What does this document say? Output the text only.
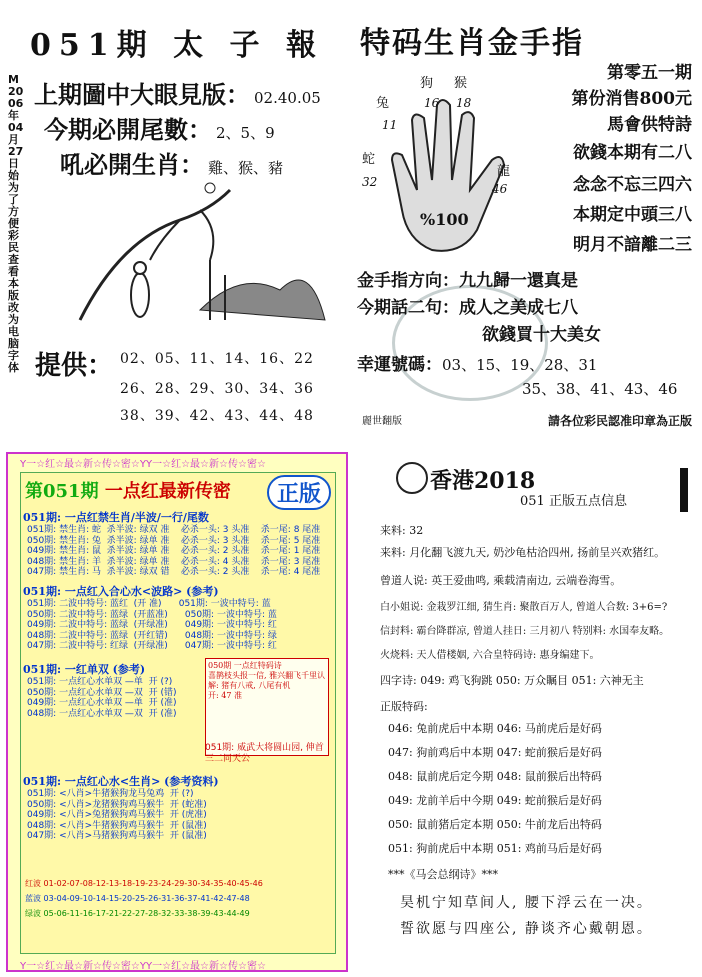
051期 太 子 報
M2006年04月27日始为了方便彩民查看本版改为电脑字体
上期圖中大眼見版： 02.40.05
今期必開尾數： 2、5、9
吼必開生肖： 雞、猴、豬
提供： 02、05、11、14、16、22
26、28、29、30、34、36
38、39、42、43、44、48
特码生肖金手指
第零五一期
第份消售800元
馬會供特詩
欲錢本期有二八
念念不忘三四六
本期定中頭三八
明月不諳離二三
狗
16
猴
18
兔
11
蛇
32
龍
46
%100
金手指方向：九九歸一還真是
今期話二句：成人之美成七八
欲錢買十大美女
幸運號碼：03、15、19、28、31
35、38、41、43、46
麗世翻版	請各位彩民認准印章為正版
Y一☆红☆最☆新☆传☆密☆YY一☆红☆最☆新☆传☆密☆
Y一☆红☆最☆新☆传☆密☆YY一☆红☆最☆新☆传☆密☆
第051期 一点红最新传密	正版
051期: 一点红禁生肖/半波/一行/尾数
051期: 禁生肖: 蛇  杀半波: 绿双 准    必杀一头: 3 头准    杀一尾: 8 尾准
050期: 禁生肖: 兔  杀半波: 绿单 准    必杀一头: 3 头准    杀一尾: 5 尾准
049期: 禁生肖: 鼠  杀半波: 绿单 准    必杀一头: 2 头准    杀一尾: 1 尾准
048期: 禁生肖: 羊  杀半波: 绿单 准    必杀一头: 4 头准    杀一尾: 3 尾准
047期: 禁生肖: 马  杀半波: 绿双 错    必杀一头: 2 头准    杀一尾: 4 尾准
051期: 一点红入合心水<波路> (参考)
051期: 二波中特号: 蓝红  (开 准)      051期: 一波中特号: 蓝
050期: 二波中特号: 蓝绿  (开蓝准)      050期: 一波中特号: 蓝
049期: 二波中特号: 蓝绿  (开绿准)      049期: 一波中特号: 红
048期: 二波中特号: 蓝绿  (开红错)      048期: 一波中特号: 绿
047期: 二波中特号: 红绿  (开绿准)      047期: 一波中特号: 红
051期: 一红单双 (参考)
051期: 一点红心水单双 —单  开 (?)
050期: 一点红心水单双 —双  开 (错)
049期: 一点红心水单双 —单  开 (准)
048期: 一点红心水单双 —双  开 (准)
050期 一点红特码诗
喜鹊枝头报一信, 雅兴翻飞千里认
解: 猪有八戒, 八尾有机
开: 47 准
051期: 威武大将圆山园, 伸首三二同天公
051期: 一点红心水<生肖> (参考资料)
051期: <八肖>牛猪猴狗龙马兔鸡  开 (?)
050期: <八肖>龙猪猴狗鸡马猴牛  开 (蛇准)
049期: <八肖>兔猪猴狗鸡马猴牛  开 (虎准)
048期: <八肖>牛猪猴狗鸡马猴牛  开 (鼠准)
047期: <八肖>马猪猴狗鸡马猴牛  开 (鼠准)
红波 01-02-07-08-12-13-18-19-23-24-29-30-34-35-40-45-46
蓝波 03-04-09-10-14-15-20-25-26-31-36-37-41-42-47-48
绿波 05-06-11-16-17-21-22-27-28-32-33-38-39-43-44-49
香港2018
051 正版五点信息
来料: 32
来料: 月化翻飞渡九天, 奶沙龟枯洽四州, 扬前呈兴欢猪红。
曾道人说: 英王爱曲鸣, 乘载清南边, 云端卷海雪。
白小姐说: 金栽罗江细, 猜生肖: 聚散百万人, 曾道人合数: 3+6=?
信封料: 霸台降群凉, 曾道人挂日: 三月初八 特别料: 水国奉友略。
火烧料: 天人借楼姻, 六合皇特码诗: 惠身编建下。
四字诗: 049: 鸡飞狗跳 050: 万众瞩目 051: 六神无主
正版特码:
046: 兔前虎后中本期 046: 马前虎后是好码
047: 狗前鸡后中本期 047: 蛇前猴后是好码
048: 鼠前虎后定今期 048: 鼠前猴后出特码
049: 龙前羊后中今期 049: 蛇前猴后是好码
050: 鼠前猪后定本期 050: 牛前龙后出特码
051: 狗前虎后中本期 051: 鸡前马后是好码
***《马会总纲诗》***
昊机宁知草间人, 腰下浮云在一决。
誓欲愿与四座公, 静谈齐心戴朝恩。
